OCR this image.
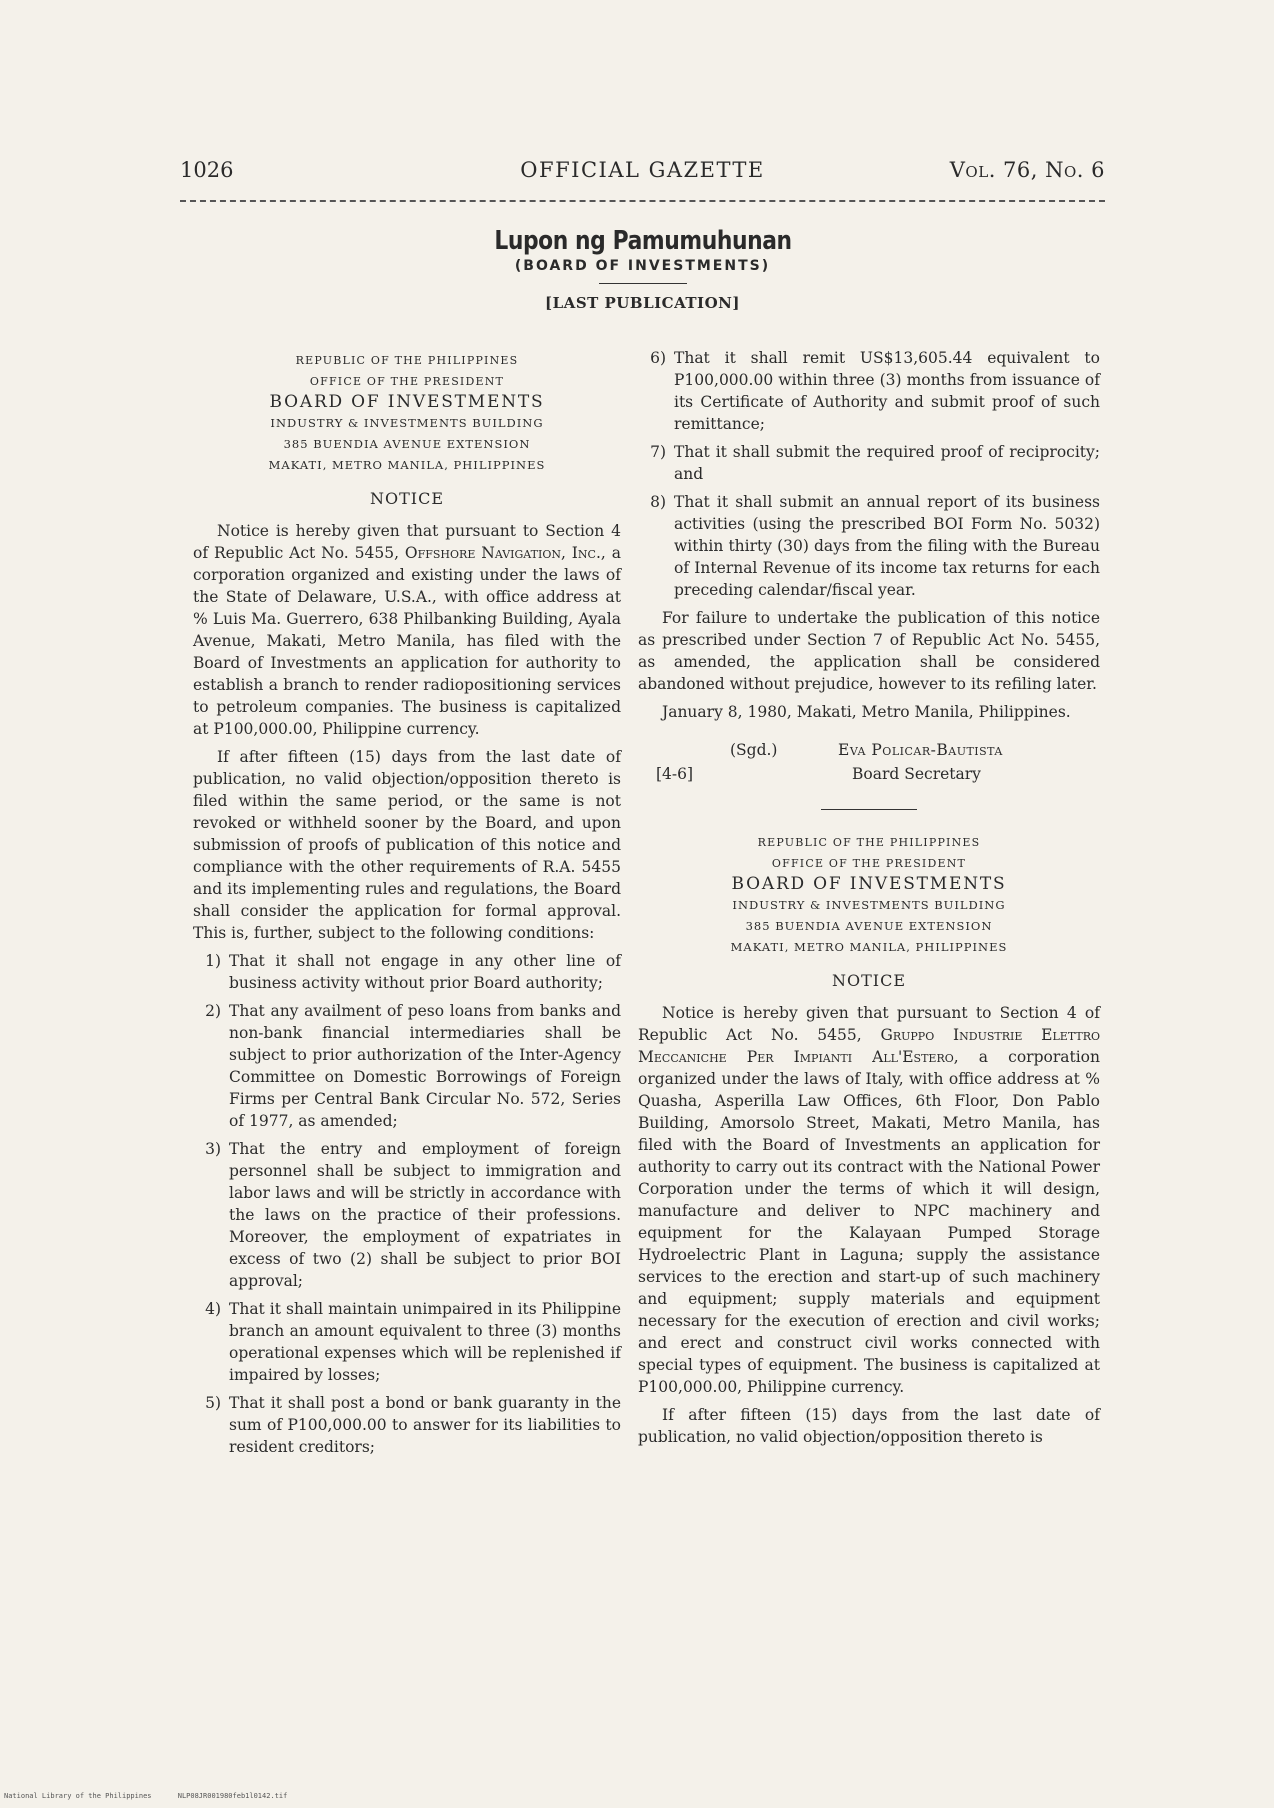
1026	OFFICIAL GAZETTE	Vol. 76, No. 6
Lupon ng Pamumuhunan
(BOARD OF INVESTMENTS)
[LAST PUBLICATION]
REPUBLIC OF THE PHILIPPINES
OFFICE OF THE PRESIDENT
BOARD OF INVESTMENTS
INDUSTRY & INVESTMENTS BUILDING
385 BUENDIA AVENUE EXTENSION
MAKATI, METRO MANILA, PHILIPPINES
NOTICE

Notice is hereby given that pursuant to Section 4 of Republic Act No. 5455, Offshore Navigation, Inc., a corporation organized and existing under the laws of the State of Delaware, U.S.A., with office address at % Luis Ma. Guerrero, 638 Philbanking Building, Ayala Avenue, Makati, Metro Manila, has filed with the Board of Investments an application for authority to establish a branch to render radiopositioning services to petroleum companies. The business is capitalized at P100,000.00, Philippine currency.

If after fifteen (15) days from the last date of publication, no valid objection/opposition thereto is filed within the same period, or the same is not revoked or withheld sooner by the Board, and upon submission of proofs of publication of this notice and compliance with the other requirements of R.A. 5455 and its implementing rules and regulations, the Board shall consider the application for formal approval. This is, further, subject to the following conditions:

1) That it shall not engage in any other line of business activity without prior Board authority;
2) That any availment of peso loans from banks and non-bank financial intermediaries shall be subject to prior authorization of the Inter-Agency Committee on Domestic Borrowings of Foreign Firms per Central Bank Circular No. 572, Series of 1977, as amended;
3) That the entry and employment of foreign personnel shall be subject to immigration and labor laws and will be strictly in accordance with the laws on the practice of their professions. Moreover, the employment of expatriates in excess of two (2) shall be subject to prior BOI approval;
4) That it shall maintain unimpaired in its Philippine branch an amount equivalent to three (3) months operational expenses which will be replenished if impaired by losses;
5) That it shall post a bond or bank guaranty in the sum of P100,000.00 to answer for its liabilities to resident creditors;
6) That it shall remit US$13,605.44 equivalent to P100,000.00 within three (3) months from issuance of its Certificate of Authority and submit proof of such remittance;
7) That it shall submit the required proof of reciprocity; and
8) That it shall submit an annual report of its business activities (using the prescribed BOI Form No. 5032) within thirty (30) days from the filing with the Bureau of Internal Revenue of its income tax returns for each preceding calendar/fiscal year.

For failure to undertake the publication of this notice as prescribed under Section 7 of Republic Act No. 5455, as amended, the application shall be considered abandoned without prejudice, however to its refiling later.

January 8, 1980, Makati, Metro Manila, Philippines.

(Sgd.)	Eva Policar-Bautista
[4-6]	Board Secretary
REPUBLIC OF THE PHILIPPINES
OFFICE OF THE PRESIDENT
BOARD OF INVESTMENTS
INDUSTRY & INVESTMENTS BUILDING
385 BUENDIA AVENUE EXTENSION
MAKATI, METRO MANILA, PHILIPPINES
NOTICE

Notice is hereby given that pursuant to Section 4 of Republic Act No. 5455, Gruppo Industrie Elettro Meccaniche Per Impianti All'Estero, a corporation organized under the laws of Italy, with office address at % Quasha, Asperilla Law Offices, 6th Floor, Don Pablo Building, Amorsolo Street, Makati, Metro Manila, has filed with the Board of Investments an application for authority to carry out its contract with the National Power Corporation under the terms of which it will design, manufacture and deliver to NPC machinery and equipment for the Kalayaan Pumped Storage Hydroelectric Plant in Laguna; supply the assistance services to the erection and start-up of such machinery and equipment; supply materials and equipment necessary for the execution of erection and civil works; and erect and construct civil works connected with special types of equipment. The business is capitalized at P100,000.00, Philippine currency.

If after fifteen (15) days from the last date of publication, no valid objection/opposition thereto is

National Library of the Philippines	NLP08JR001980feb1l0142.tif
